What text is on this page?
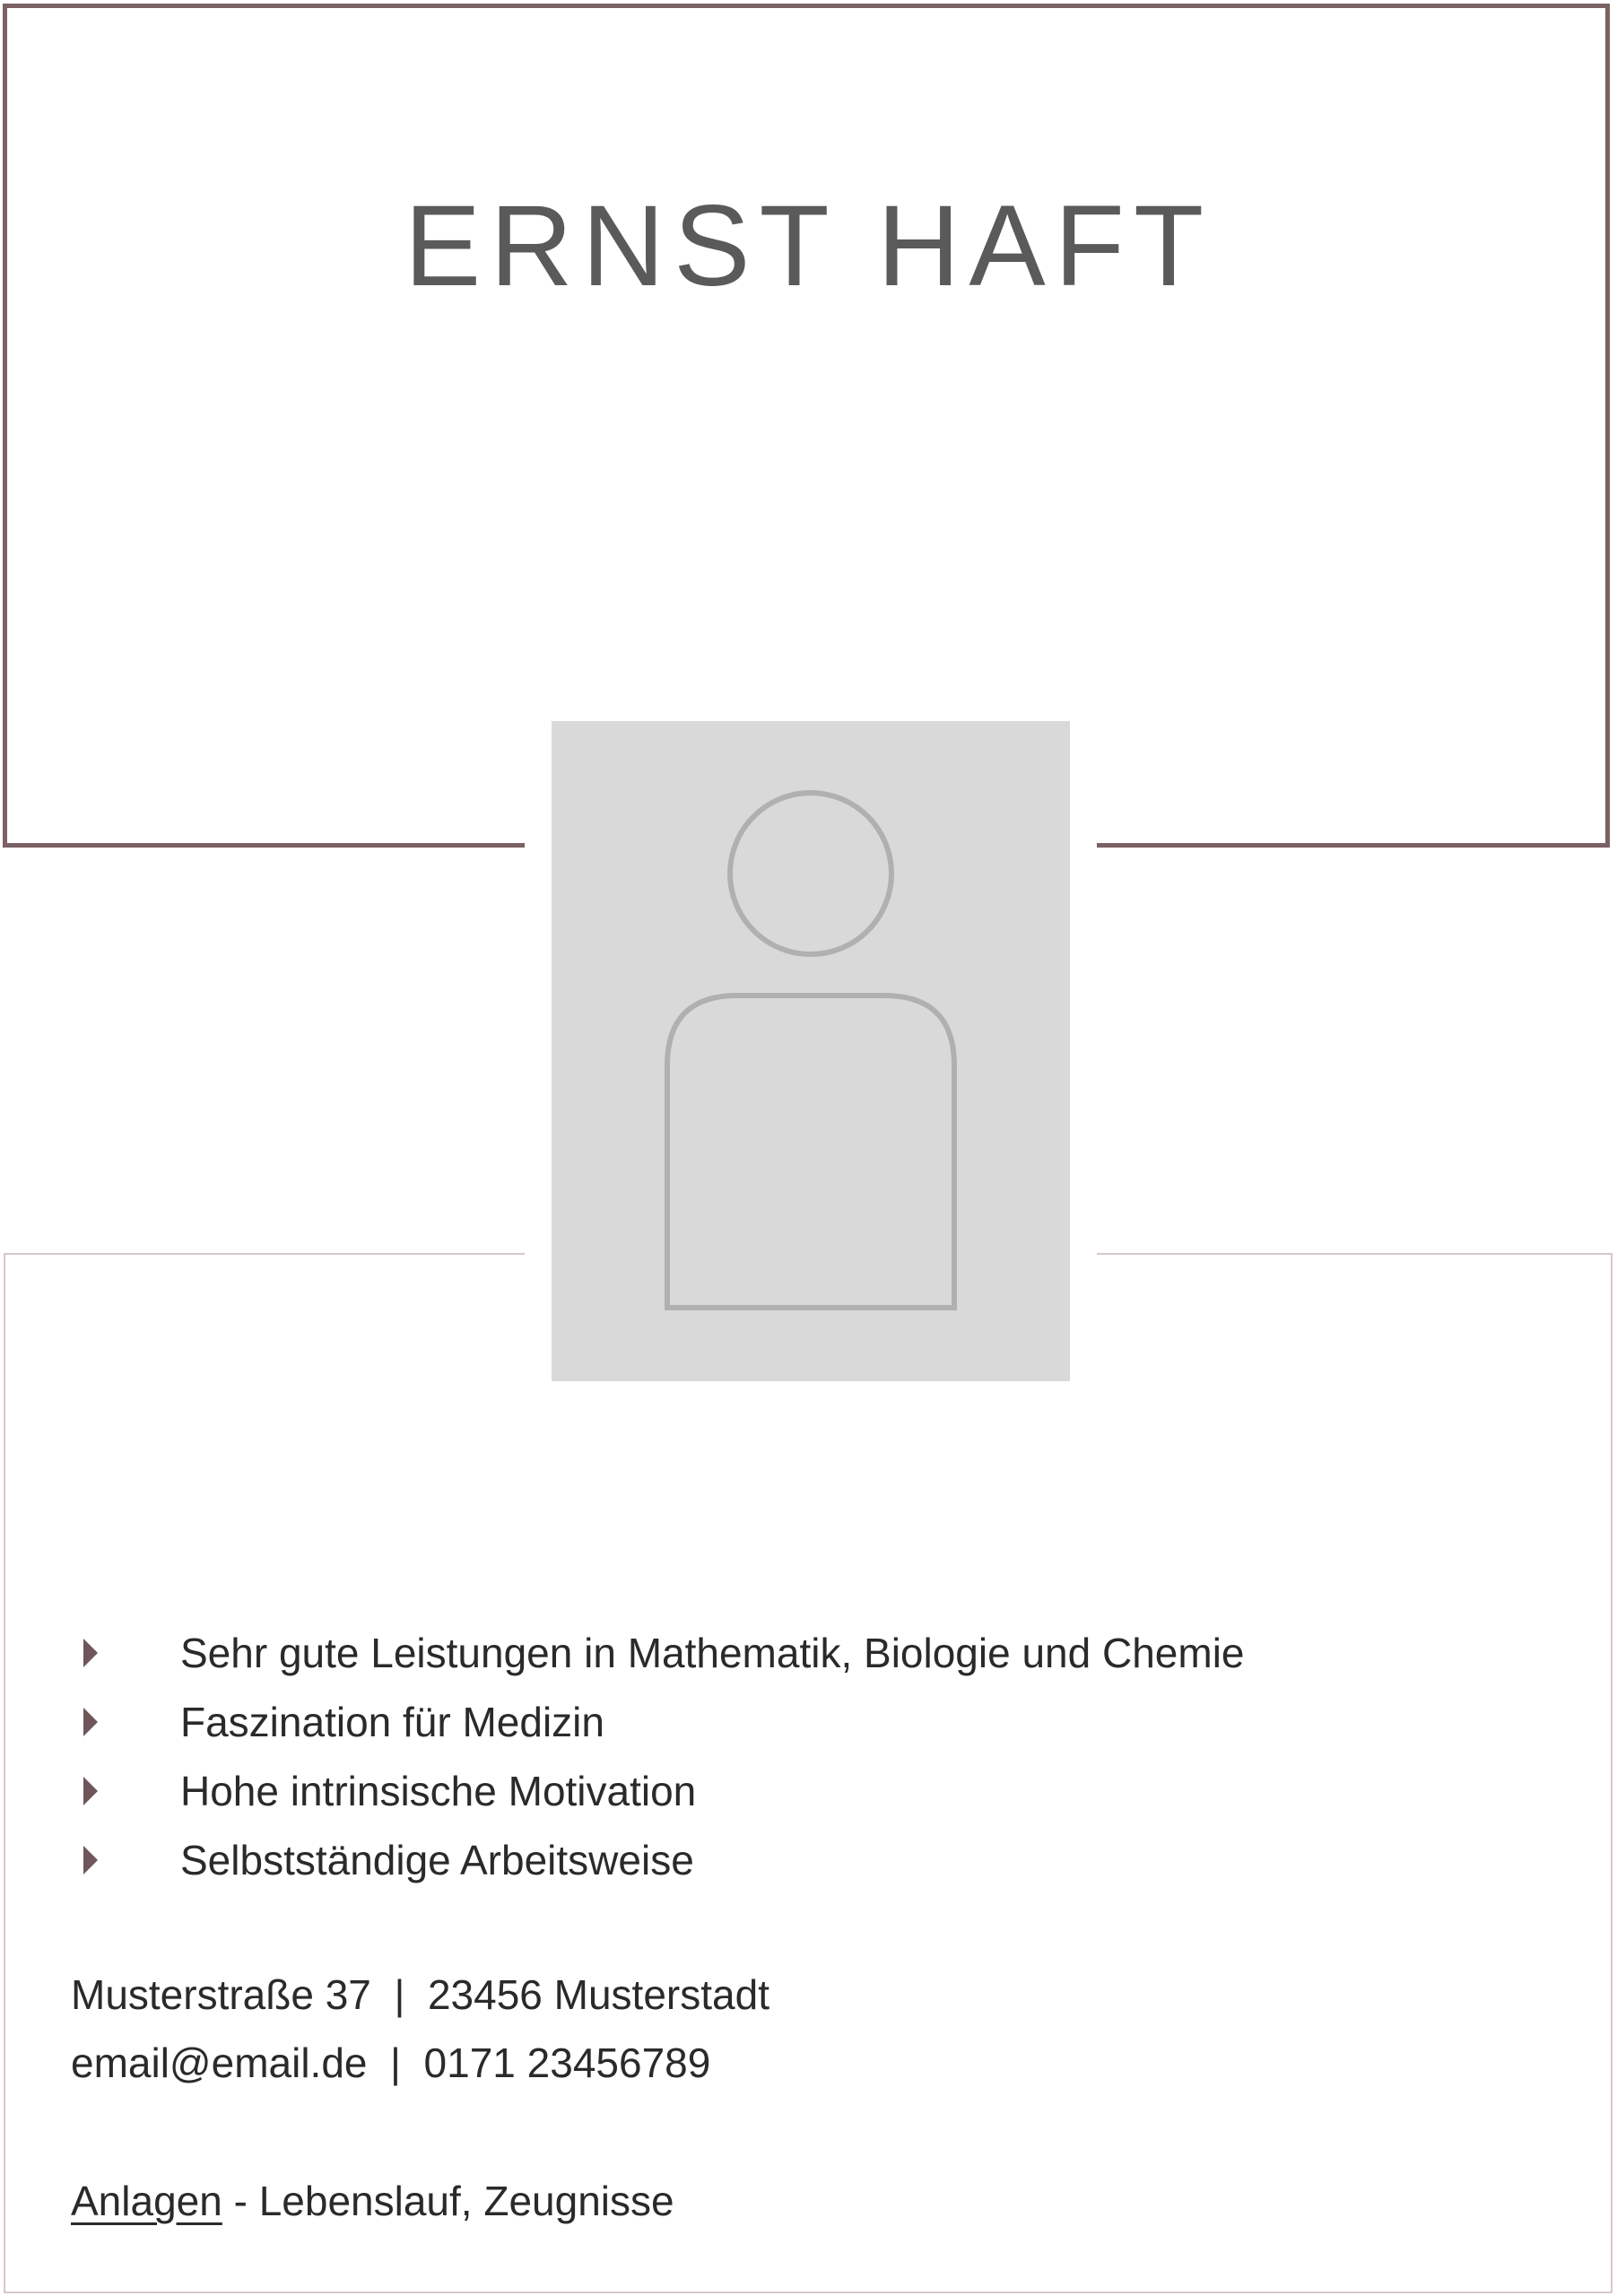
ERNST HAFT
Sehr gute Leistungen in Mathematik, Biologie und Chemie
Faszination für Medizin
Hohe intrinsische Motivation
Selbstständige Arbeitsweise
Musterstraße 37  |  23456 Musterstadt
email@email.de  |  0171 23456789
Anlagen - Lebenslauf, Zeugnisse
